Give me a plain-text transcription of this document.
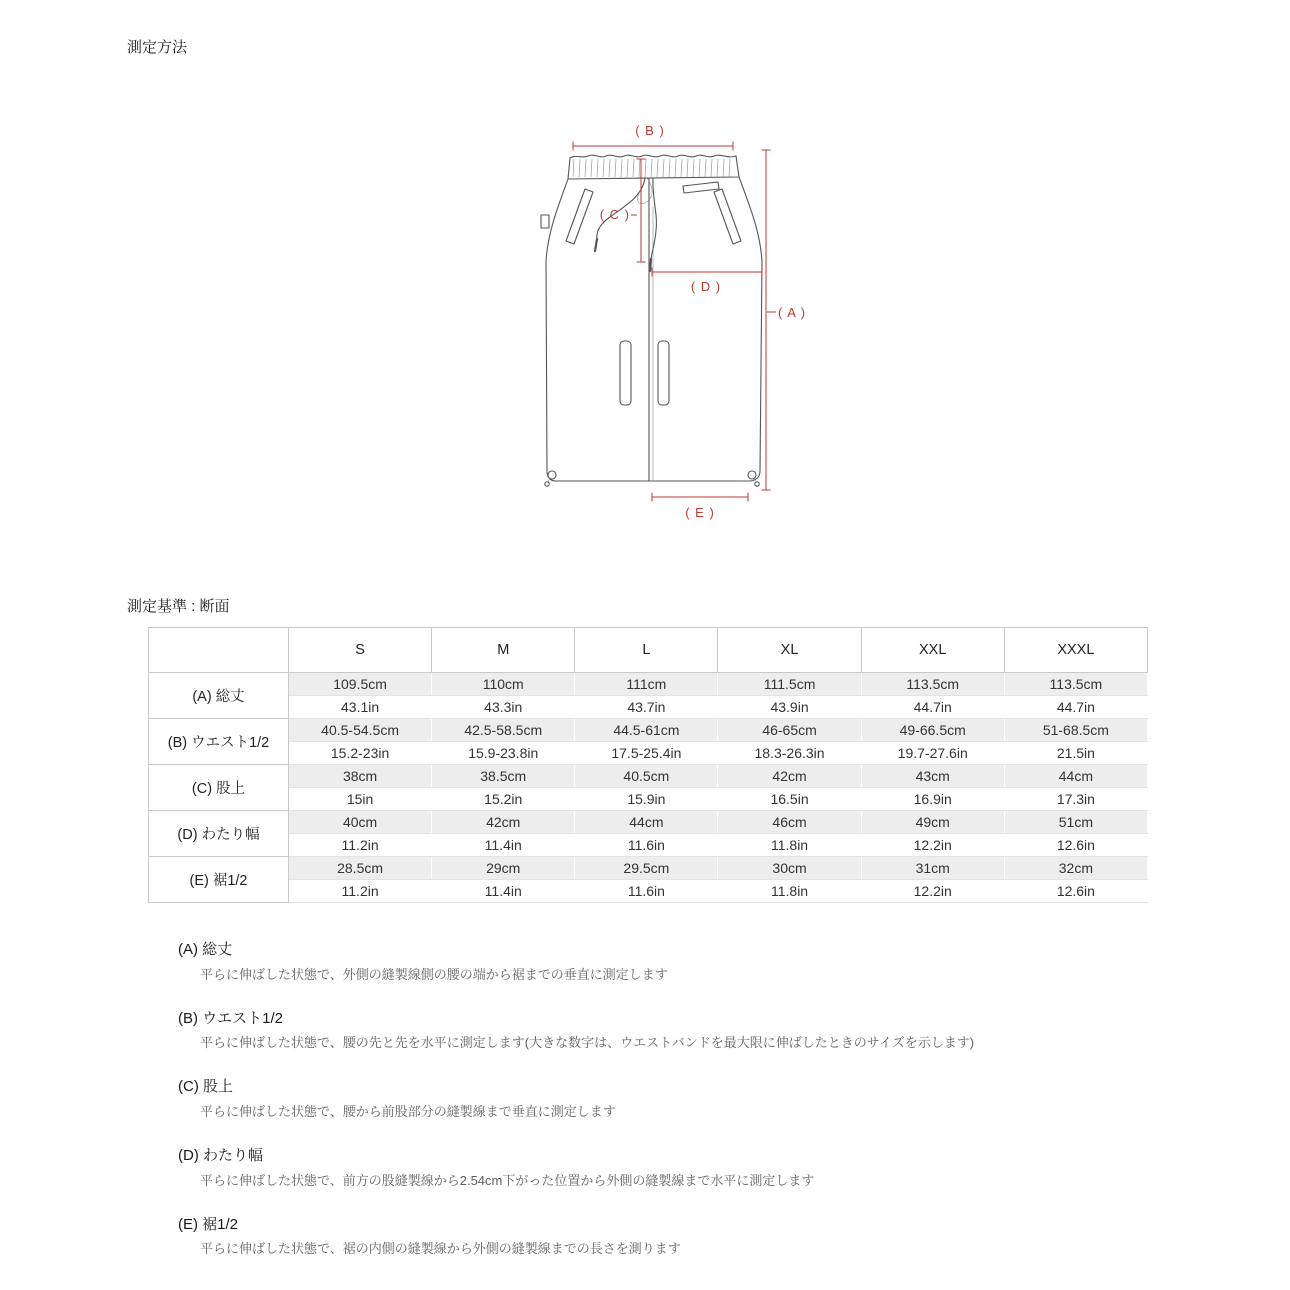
測定方法
( B )
( C )
( D )
( A )
( E )
測定基準 : 断面
	S	M	L	XL	XXL	XXXL
(A) 総丈	109.5cm	110cm	111cm	111.5cm	113.5cm	113.5cm
	43.1in	43.3in	43.7in	43.9in	44.7in	44.7in
(B) ウエスト1/2	40.5-54.5cm	42.5-58.5cm	44.5-61cm	46-65cm	49-66.5cm	51-68.5cm
	15.2-23in	15.9-23.8in	17.5-25.4in	18.3-26.3in	19.7-27.6in	21.5in
(C) 股上	38cm	38.5cm	40.5cm	42cm	43cm	44cm
	15in	15.2in	15.9in	16.5in	16.9in	17.3in
(D) わたり幅	40cm	42cm	44cm	46cm	49cm	51cm
	11.2in	11.4in	11.6in	11.8in	12.2in	12.6in
(E) 裾1/2	28.5cm	29cm	29.5cm	30cm	31cm	32cm
	11.2in	11.4in	11.6in	11.8in	12.2in	12.6in
(A) 総丈
平らに伸ばした状態で、外側の縫製線側の腰の端から裾までの垂直に測定します
(B) ウエスト1/2
平らに伸ばした状態で、腰の先と先を水平に測定します(大きな数字は、ウエストバンドを最大限に伸ばしたときのサイズを示します)
(C) 股上
平らに伸ばした状態で、腰から前股部分の縫製線まで垂直に測定します
(D) わたり幅
平らに伸ばした状態で、前方の股縫製線から2.54cm下がった位置から外側の縫製線まで水平に測定します
(E) 裾1/2
平らに伸ばした状態で、裾の内側の縫製線から外側の縫製線までの長さを測ります
